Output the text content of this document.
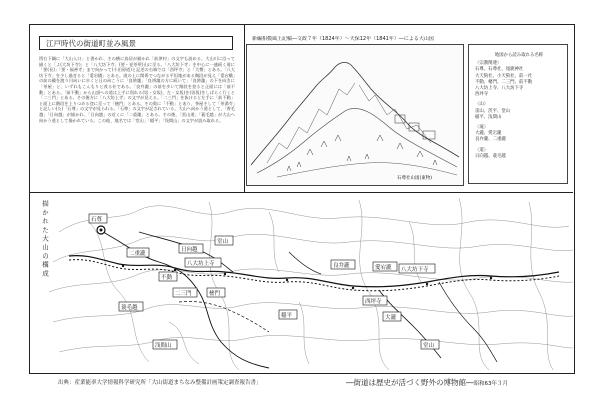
江戸時代の街道町並み風景
図右下隅に「大山入口」と書かれ、その横に鳥居が描かれ「前津村」の文字も読める。大山川に沿って描くと「よ(大坊下寺)」と「八大坊下寺」(要・祀茶所)山に至る。「八大坊下寺」を中心に一連続く道に「要(長)」「要・福善寺」まで向かって(小田原道)と記述の右端では「西坪寺」と「大僧」とある。「八大坊下寺」を少し過ぎると「愛宕橋」とある。滝の上に関係でつながる平坦地がある階段が見え「愛宕橋」の前の橋を渡り川向いに歩くと日の向こうに「良辨瀧」「良辨瀧の方に続いて」「良辨瀧」の下を向きに「茶屋」と、いずれもこんもりと茂る社である。「良弁瀧」の前を歩いて階段を登ると正面には「前不動」とある。「前不動」から山頂への道は上手に別れる(男・女坂)、左・女坂)を(男坂)をしばらく行くと「二三門」とある。その後方に「八大坊上寺」の文字が見える。「二三門」を抜けると左手に「前不動」と面上に階段を上りつめる登に至って「樒門」とある。その奥に「不動」とあり、茶屋そして「茶湯寺」と記しい(た)「石尊」の文字が見られる。「石尊」の文字が記されている。大山へ向かう道として、「香毛越」「日向越」が描かれ、「日向越」の近くに「二重瀧」とある。その後、「雷山道」「蓑毛越」が大山へ向かう道として描かれている。この他、地名では「堂山」「稲平」「浅間山」の文字が読み取れる。
新編相模風土記稿―文政７年（1824年）～天保12年（1841年）―による大山図
石尊社山図(東物)
地図から読み取れる名称
〈宗教関連〉
石尊、石尊社、尾鹿神社
大天狗社、小天狗社、前一社
不動、樒門、二三門、前不動
八大坊上寺、八大坊下寺
西坪寺
〈山〉
雷山、茨平、堂山
稲平、浅間山
〈滝〉
大瀧、愛宕瀧
良弁瀧、二重瀧
〈道〉
日向越、蓑毛越
描かれた大山の構成	石尊
二重瀧
日向越
不動
堂山
八大坊上寺
二三門	樒門
良弁瀧	愛宕瀧 八大坊下寺
蓑毛越
西坪寺
稲平	大瀧
浅間山	堂山
出典：産業能率大学情報科学研究所「大山街道まちなみ整備計画策定調査報告書」	―街道は歴史が活づく野外の博物館―昭和63年３月
